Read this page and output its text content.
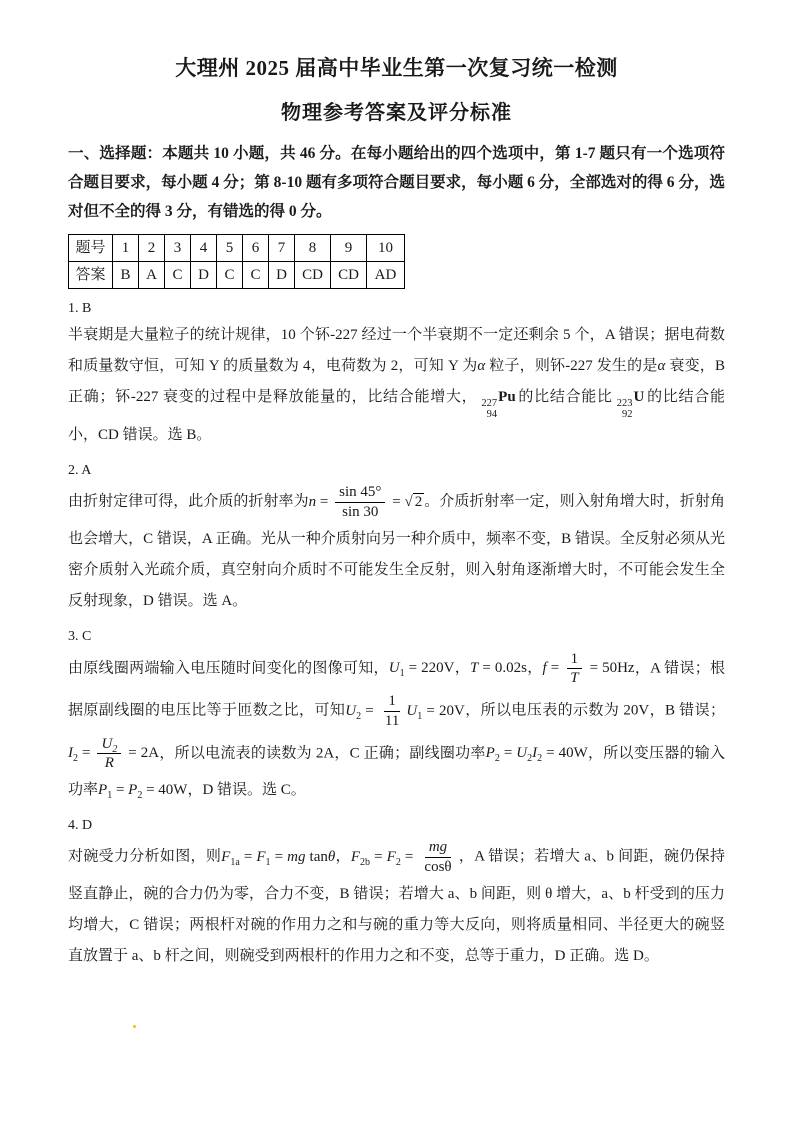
大理州 2025 届高中毕业生第一次复习统一检测
物理参考答案及评分标准

一、选择题：本题共 10 小题，共 46 分。在每小题给出的四个选项中，第 1-7 题只有一个选项符合题目要求，每小题 4 分；第 8-10 题有多项符合题目要求，每小题 6 分，全部选对的得 6 分，选对但不全的得 3 分，有错选的得 0 分。

题号	1	2	3	4	5	6	7	8	9	10
答案	B	A	C	D	C	C	D	CD	CD	AD

1. B

半衰期是大量粒子的统计规律，10 个钚-227 经过一个半衰期不一定还剩余 5 个，A 错误；据电荷数和质量数守恒，可知 Y 的质量数为 4，电荷数为 2，可知 Y 为α 粒子，则钚-227 发生的是α 衰变，B 正确；钚-227 衰变的过程中是释放能量的，比结合能增大， 227
94
Pu 的比结合能比 223
92
U 的比结合能小，CD 错误。选 B。

2. A

由折射定律可得，此介质的折射率为$n = \frac{\sin 45^\circ}{\sin 30}$ = √ 2 。介质折射率一定，则入射角增大时，折射角也会增大，C 错误，A 正确。光从一种介质射向另一种介质中，频率不变，B 错误。全反射必须从光密介质射入光疏介质，真空射向介质时不可能发生全反射，则入射角逐渐增大时，不可能会发生全反射现象，D 错误。选 A。

3. C

由原线圈两端输入电压随时间变化的图像可知，$U_1 = 220V$，T = 0.02s，$f = \frac{1}{T} = 50Hz$，A 错误；根据原副线圈的电压比等于匝数之比，可知$U_2 = \frac{1}{11} U_1 = 20V$，所以电压表的示数为 20V，B 错误；$I_2 = \frac{U_2}{R} = 2A$，所以电流表的读数为 2A，C 正确；副线圈功率$P_2 = U_2I_2 = 40W$，所以变压器的输入功率$P_1 = P_2 = 40W$，D 错误。选 C。

4. D

对碗受力分析如图，则$F_{1a} = F_1$ = mg tanθ，$F_{2b} = F_2 = \frac{mg}{\cos\theta}$ ，A 错误；若增大 a、b 间距，碗仍保持竖直静止，碗的合力仍为零，合力不变，B 错误；若增大 a、b 间距，则 θ 增大，a、b 杆受到的压力均增大，C 错误；两根杆对碗的作用力之和与碗的重力等大反向，则将质量相同、半径更大的碗竖直放置于 a、b 杆之间，则碗受到两根杆的作用力之和不变，总等于重力，D 正确。选 D。
